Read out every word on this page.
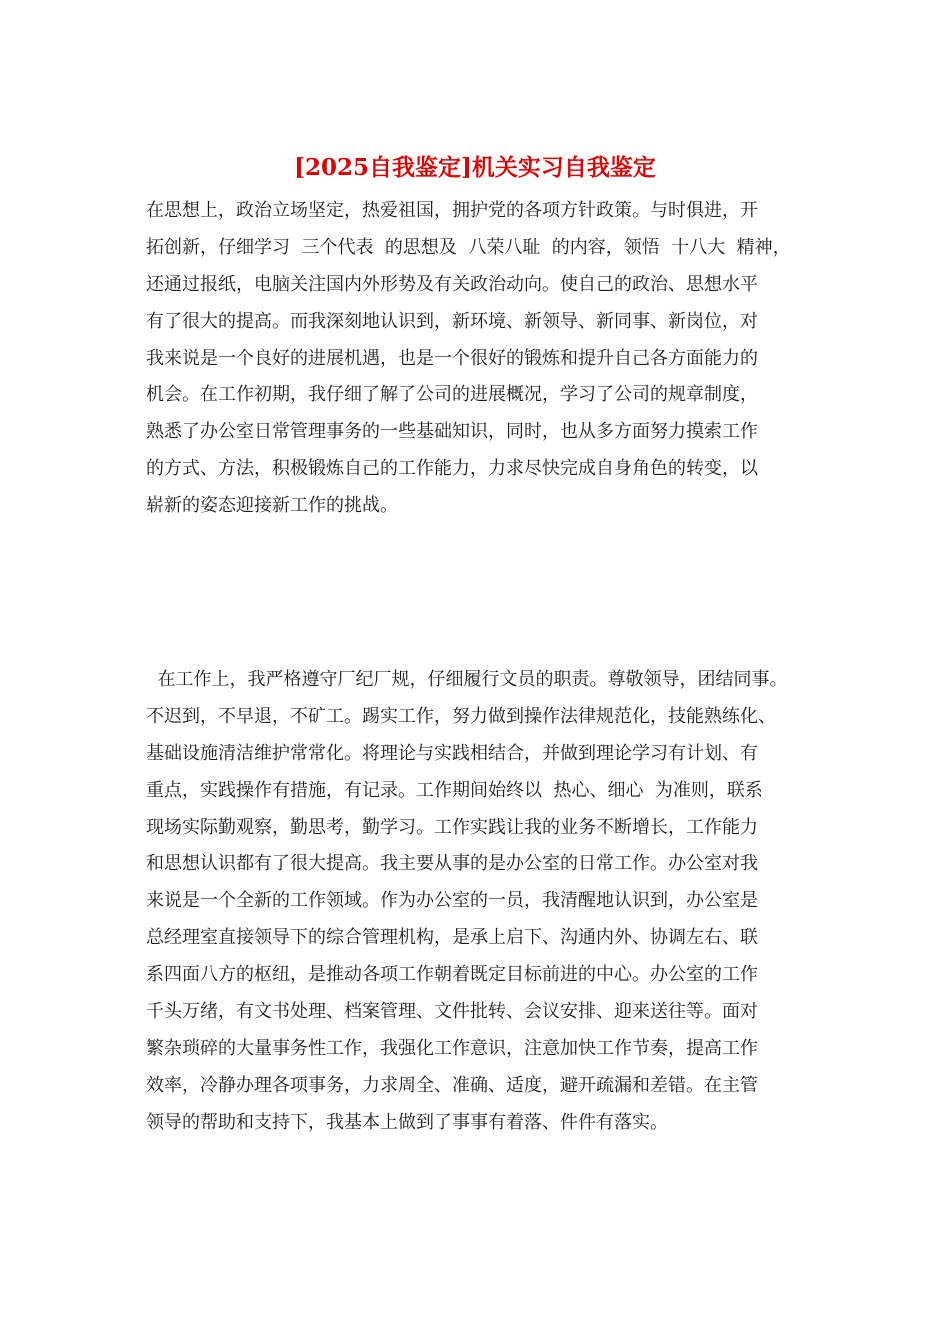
[2025自我鉴定]机关实习自我鉴定
在思想上，政治立场坚定，热爱祖国，拥护党的各项方针政策。与时俱进，开
拓创新，仔细学习  三个代表  的思想及  八荣八耻  的内容，领悟  十八大  精神，
还通过报纸，电脑关注国内外形势及有关政治动向。使自己的政治、思想水平
有了很大的提高。而我深刻地认识到，新环境、新领导、新同事、新岗位，对
我来说是一个良好的进展机遇，也是一个很好的锻炼和提升自己各方面能力的
机会。在工作初期，我仔细了解了公司的进展概况，学习了公司的规章制度，
熟悉了办公室日常管理事务的一些基础知识，同时，也从多方面努力摸索工作
的方式、方法，积极锻炼自己的工作能力，力求尽快完成自身角色的转变，以
崭新的姿态迎接新工作的挑战。
在工作上，我严格遵守厂纪厂规，仔细履行文员的职责。尊敬领导，团结同事。
不迟到，不早退，不矿工。踢实工作，努力做到操作法律规范化，技能熟练化、
基础设施清洁维护常常化。将理论与实践相结合，并做到理论学习有计划、有
重点，实践操作有措施，有记录。工作期间始终以  热心、细心  为准则，联系
现场实际勤观察，勤思考，勤学习。工作实践让我的业务不断增长，工作能力
和思想认识都有了很大提高。我主要从事的是办公室的日常工作。办公室对我
来说是一个全新的工作领域。作为办公室的一员，我清醒地认识到，办公室是
总经理室直接领导下的综合管理机构，是承上启下、沟通内外、协调左右、联
系四面八方的枢纽，是推动各项工作朝着既定目标前进的中心。办公室的工作
千头万绪，有文书处理、档案管理、文件批转、会议安排、迎来送往等。面对
繁杂琐碎的大量事务性工作，我强化工作意识，注意加快工作节奏，提高工作
效率，冷静办理各项事务，力求周全、准确、适度，避开疏漏和差错。在主管
领导的帮助和支持下，我基本上做到了事事有着落、件件有落实。
